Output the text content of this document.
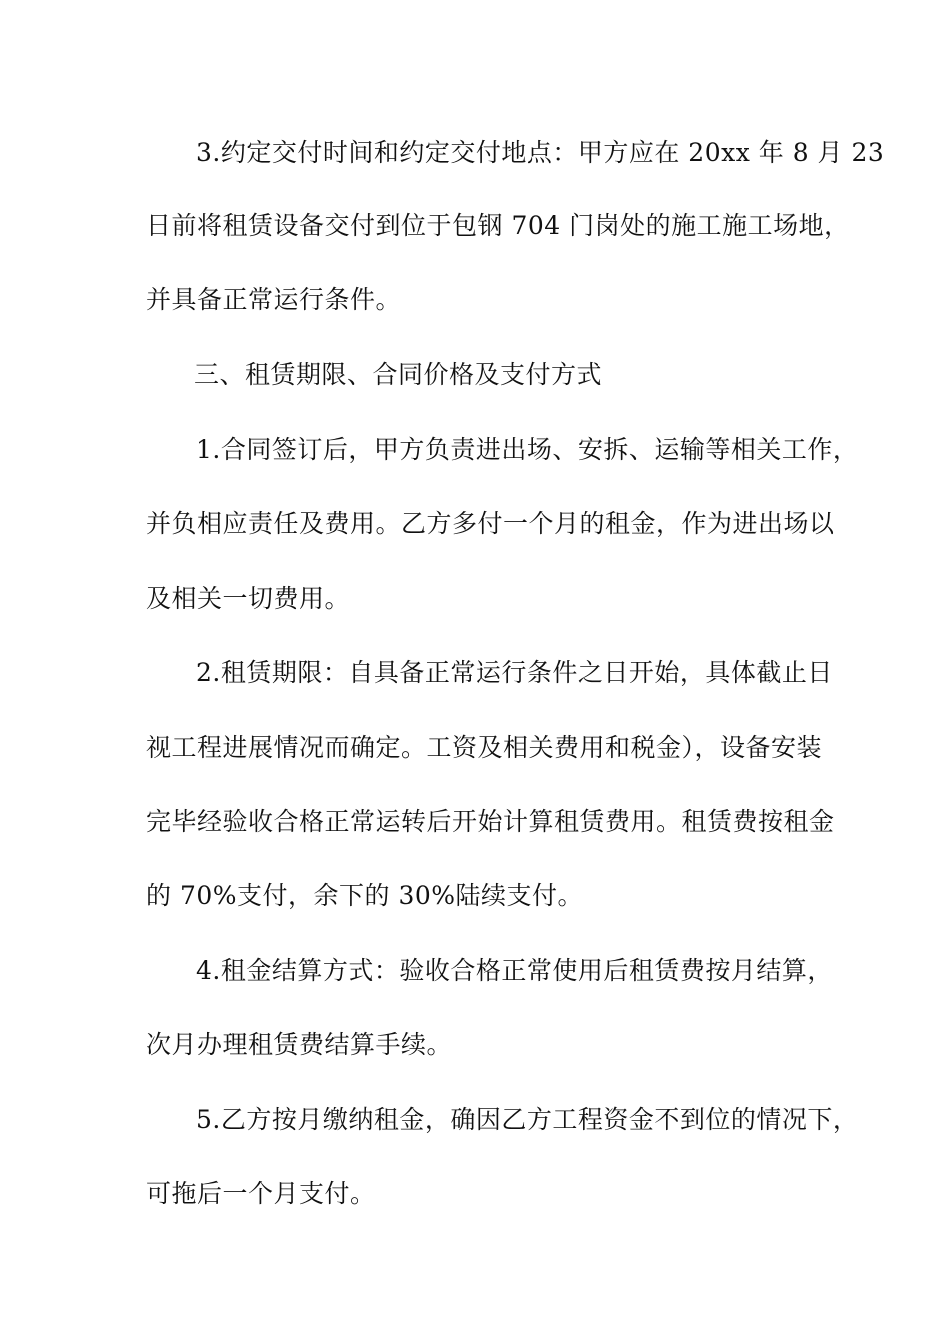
3.约定交付时间和约定交付地点：甲方应在 20xx 年 8 月 23
日前将租赁设备交付到位于包钢 704 门岗处的施工施工场地，
并具备正常运行条件。
三、租赁期限、合同价格及支付方式
1.合同签订后，甲方负责进出场、安拆、运输等相关工作，
并负相应责任及费用。乙方多付一个月的租金，作为进出场以
及相关一切费用。
2.租赁期限：自具备正常运行条件之日开始，具体截止日
视工程进展情况而确定。工资及相关费用和税金），设备安装
完毕经验收合格正常运转后开始计算租赁费用。租赁费按租金
的 70%支付，余下的 30%陆续支付。
4.租金结算方式：验收合格正常使用后租赁费按月结算，
次月办理租赁费结算手续。
5.乙方按月缴纳租金，确因乙方工程资金不到位的情况下，
可拖后一个月支付。
